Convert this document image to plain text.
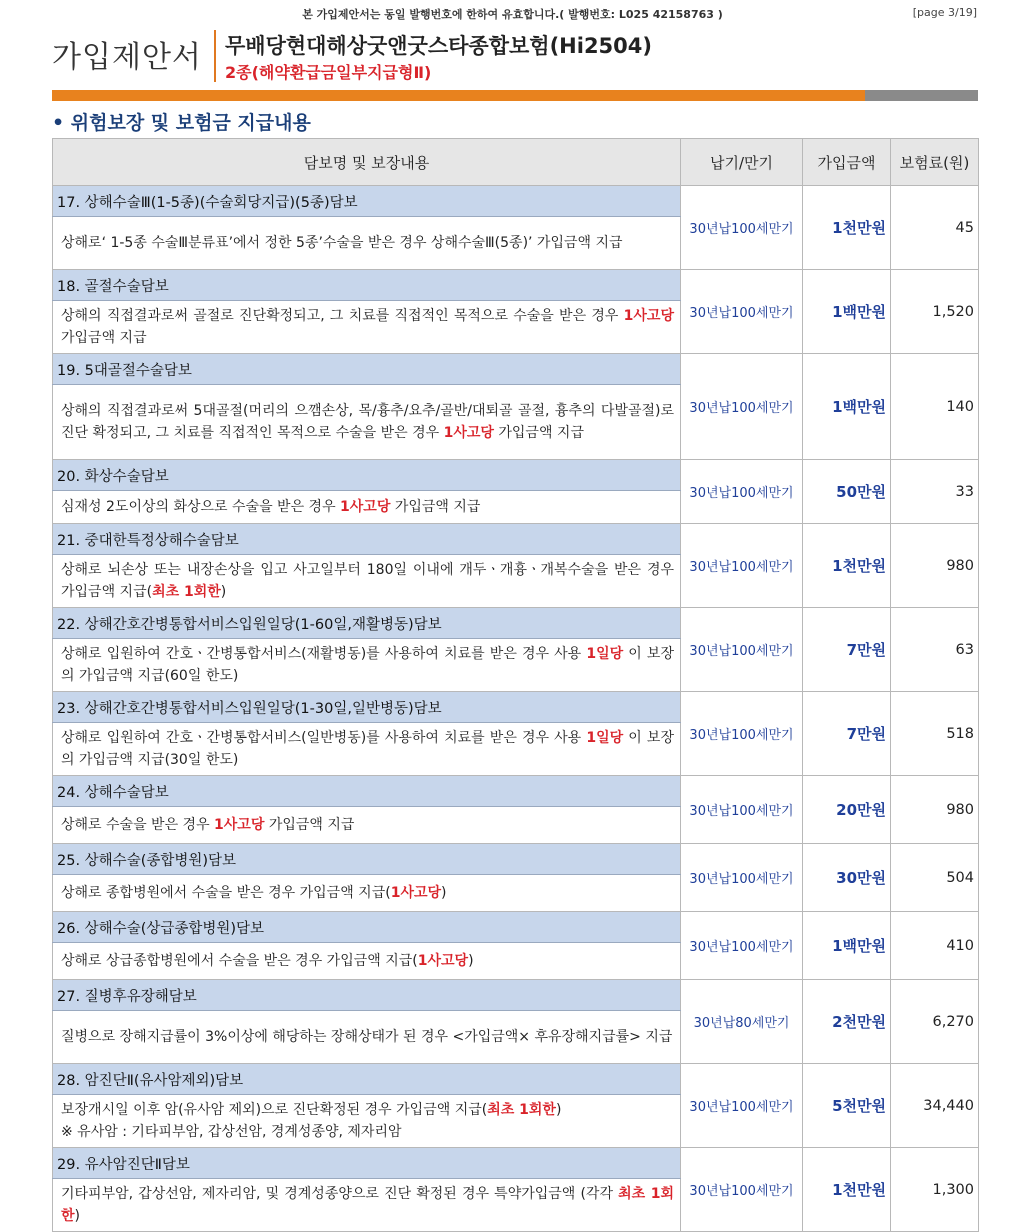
본 가입제안서는 동일 발행번호에 한하여 유효합니다.( 발행번호: L025 42158763 )	[page 3/19]
가입제안서 무배당현대해상굿앤굿스타종합보험(Hi2504)
2종(해약환급금일부지급형Ⅱ)
• 위험보장 및 보험금 지급내용
담보명 및 보장내용	납기/만기	가입금액	보험료(원)
17. 상해수술Ⅲ(1-5종)(수술회당지급)(5종)담보	30년납100세만기	1천만원	45
상해로‘ 1-5종 수술Ⅲ분류표’에서 정한 5종’수술을 받은 경우 상해수술Ⅲ(5종)’ 가입금액 지급			
18. 골절수술담보	30년납100세만기	1백만원	1,520
상해의 직접결과로써 골절로 진단확정되고, 그 치료를 직접적인 목적으로 수술을 받은 경우 1사고당 가입금액 지급			
19. 5대골절수술담보	30년납100세만기	1백만원	140
상해의 직접결과로써 5대골절(머리의 으깸손상, 목/흉추/요추/골반/대퇴골 골절, 흉추의 다발골절)로 진단 확정되고, 그 치료를 직접적인 목적으로 수술을 받은 경우 1사고당 가입금액 지급			
20. 화상수술담보	30년납100세만기	50만원	33
심재성 2도이상의 화상으로 수술을 받은 경우 1사고당 가입금액 지급			
21. 중대한특정상해수술담보	30년납100세만기	1천만원	980
상해로 뇌손상 또는 내장손상을 입고 사고일부터 180일 이내에 개두ㆍ개흉ㆍ개복수술을 받은 경우 가입금액 지급(최초 1회한)			
22. 상해간호간병통합서비스입원일당(1-60일,재활병동)담보	30년납100세만기	7만원	63
상해로 입원하여 간호ㆍ간병통합서비스(재활병동)를 사용하여 치료를 받은 경우 사용 1일당 이 보장의 가입금액 지급(60일 한도)			
23. 상해간호간병통합서비스입원일당(1-30일,일반병동)담보	30년납100세만기	7만원	518
상해로 입원하여 간호ㆍ간병통합서비스(일반병동)를 사용하여 치료를 받은 경우 사용 1일당 이 보장의 가입금액 지급(30일 한도)			
24. 상해수술담보	30년납100세만기	20만원	980
상해로 수술을 받은 경우 1사고당 가입금액 지급			
25. 상해수술(종합병원)담보	30년납100세만기	30만원	504
상해로 종합병원에서 수술을 받은 경우 가입금액 지급(1사고당)			
26. 상해수술(상급종합병원)담보	30년납100세만기	1백만원	410
상해로 상급종합병원에서 수술을 받은 경우 가입금액 지급(1사고당)			
27. 질병후유장해담보	30년납80세만기	2천만원	6,270
질병으로 장해지급률이 3%이상에 해당하는 장해상태가 된 경우 <가입금액× 후유장해지급률> 지급			
28. 암진단Ⅱ(유사암제외)담보	30년납100세만기	5천만원	34,440
보장개시일 이후 암(유사암 제외)으로 진단확정된 경우 가입금액 지급(최초 1회한)
※ 유사암 : 기타피부암, 갑상선암, 경계성종양, 제자리암			
29. 유사암진단Ⅱ담보	30년납100세만기	1천만원	1,300
기타피부암, 갑상선암, 제자리암, 및 경계성종양으로 진단 확정된 경우 특약가입금액 (각각 최초 1회한)			
